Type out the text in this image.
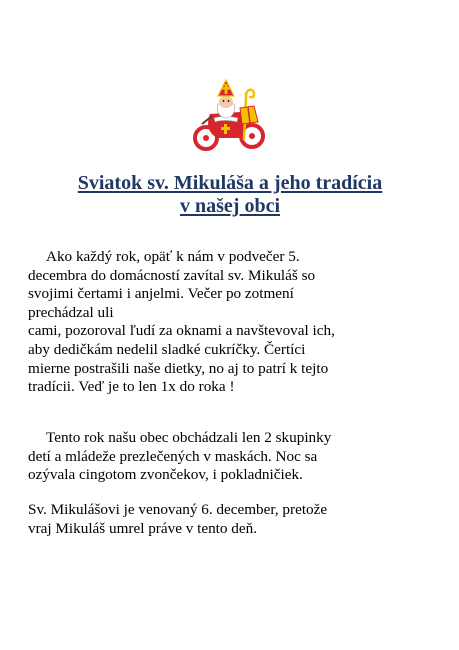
Sviatok sv. Mikuláša a jeho tradícia
v našej obci
Ako každý rok, opäť k nám v podvečer 5.
decembra do domácností zavítal sv. Mikuláš so
svojimi čertami i anjelmi. Večer po zotmení
prechádzal uli
cami, pozoroval ľudí za oknami a navštevoval ich,
aby dedičkám nedelil sladké cukríčky. Čertíci
mierne postrašili naše dietky, no aj to patrí k tejto
tradícii. Veď je to len 1x do roka !
Tento rok našu obec obchádzali len 2 skupinky
detí a mládeže prezlečených v maskách. Noc sa
ozývala cingotom zvončekov, i pokladničiek.
Sv. Mikulášovi je venovaný 6. december, pretože
vraj Mikuláš umrel práve v tento deň.
